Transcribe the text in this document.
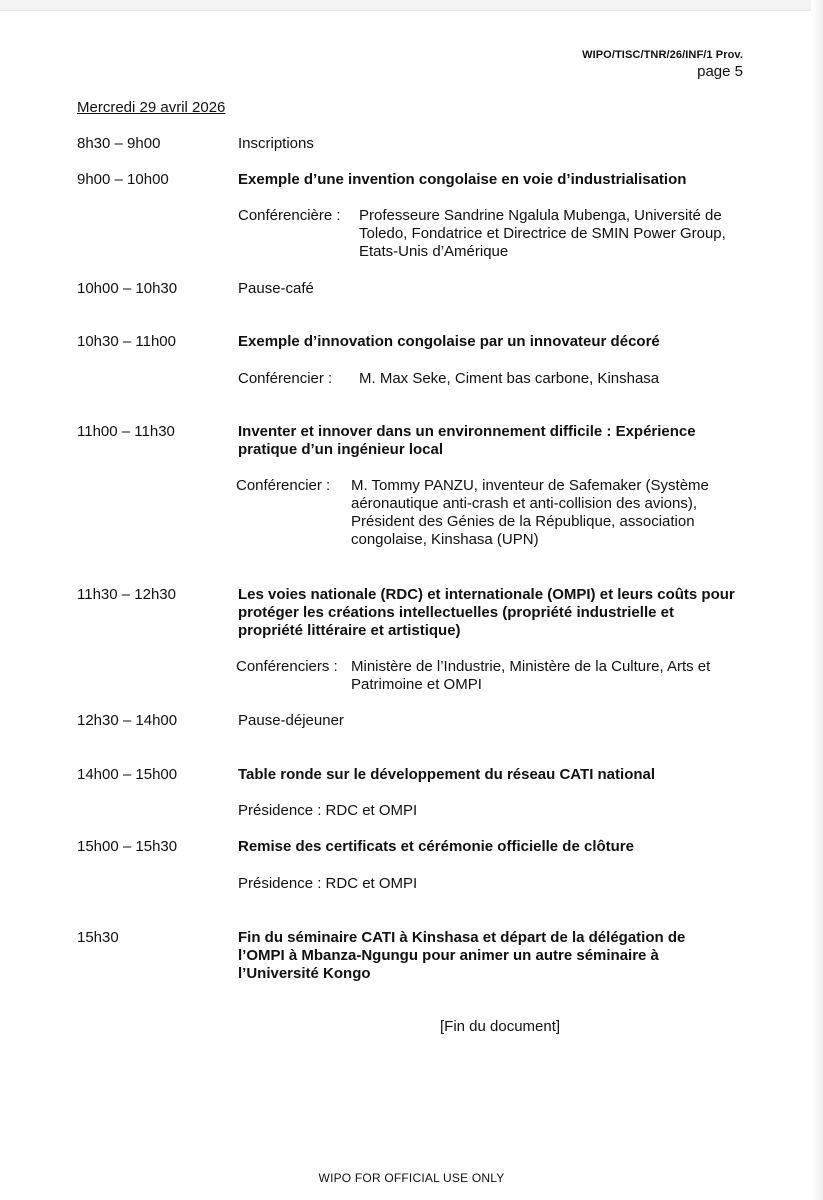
WIPO/TISC/TNR/26/INF/1 Prov.
page 5
Mercredi 29 avril 2026
8h30 – 9h00	Inscriptions
9h00 – 10h00	Exemple d’une invention congolaise en voie d’industrialisation
Conférencière : Professeure Sandrine Ngalula Mubenga, Université de Toledo, Fondatrice et Directrice de SMIN Power Group, Etats-Unis d’Amérique
10h00 – 10h30	Pause-café
10h30 – 11h00	Exemple d’innovation congolaise par un innovateur décoré
Conférencier : M. Max Seke, Ciment bas carbone, Kinshasa
11h00 – 11h30	Inventer et innover dans un environnement difficile : Expérience pratique d’un ingénieur local
Conférencier : M. Tommy PANZU, inventeur de Safemaker (Système aéronautique anti-crash et anti-collision des avions), Président des Génies de la République, association congolaise, Kinshasa (UPN)
11h30 – 12h30	Les voies nationale (RDC) et internationale (OMPI) et leurs coûts pour protéger les créations intellectuelles (propriété industrielle et propriété littéraire et artistique)
Conférenciers : Ministère de l’Industrie, Ministère de la Culture, Arts et Patrimoine et OMPI
12h30 – 14h00	Pause-déjeuner
14h00 – 15h00	Table ronde sur le développement du réseau CATI national
Présidence : RDC et OMPI
15h00 – 15h30	Remise des certificats et cérémonie officielle de clôture
Présidence : RDC et OMPI
15h30	Fin du séminaire CATI à Kinshasa et départ de la délégation de l’OMPI à Mbanza-Ngungu pour animer un autre séminaire à l’Université Kongo
[Fin du document]
WIPO FOR OFFICIAL USE ONLY
